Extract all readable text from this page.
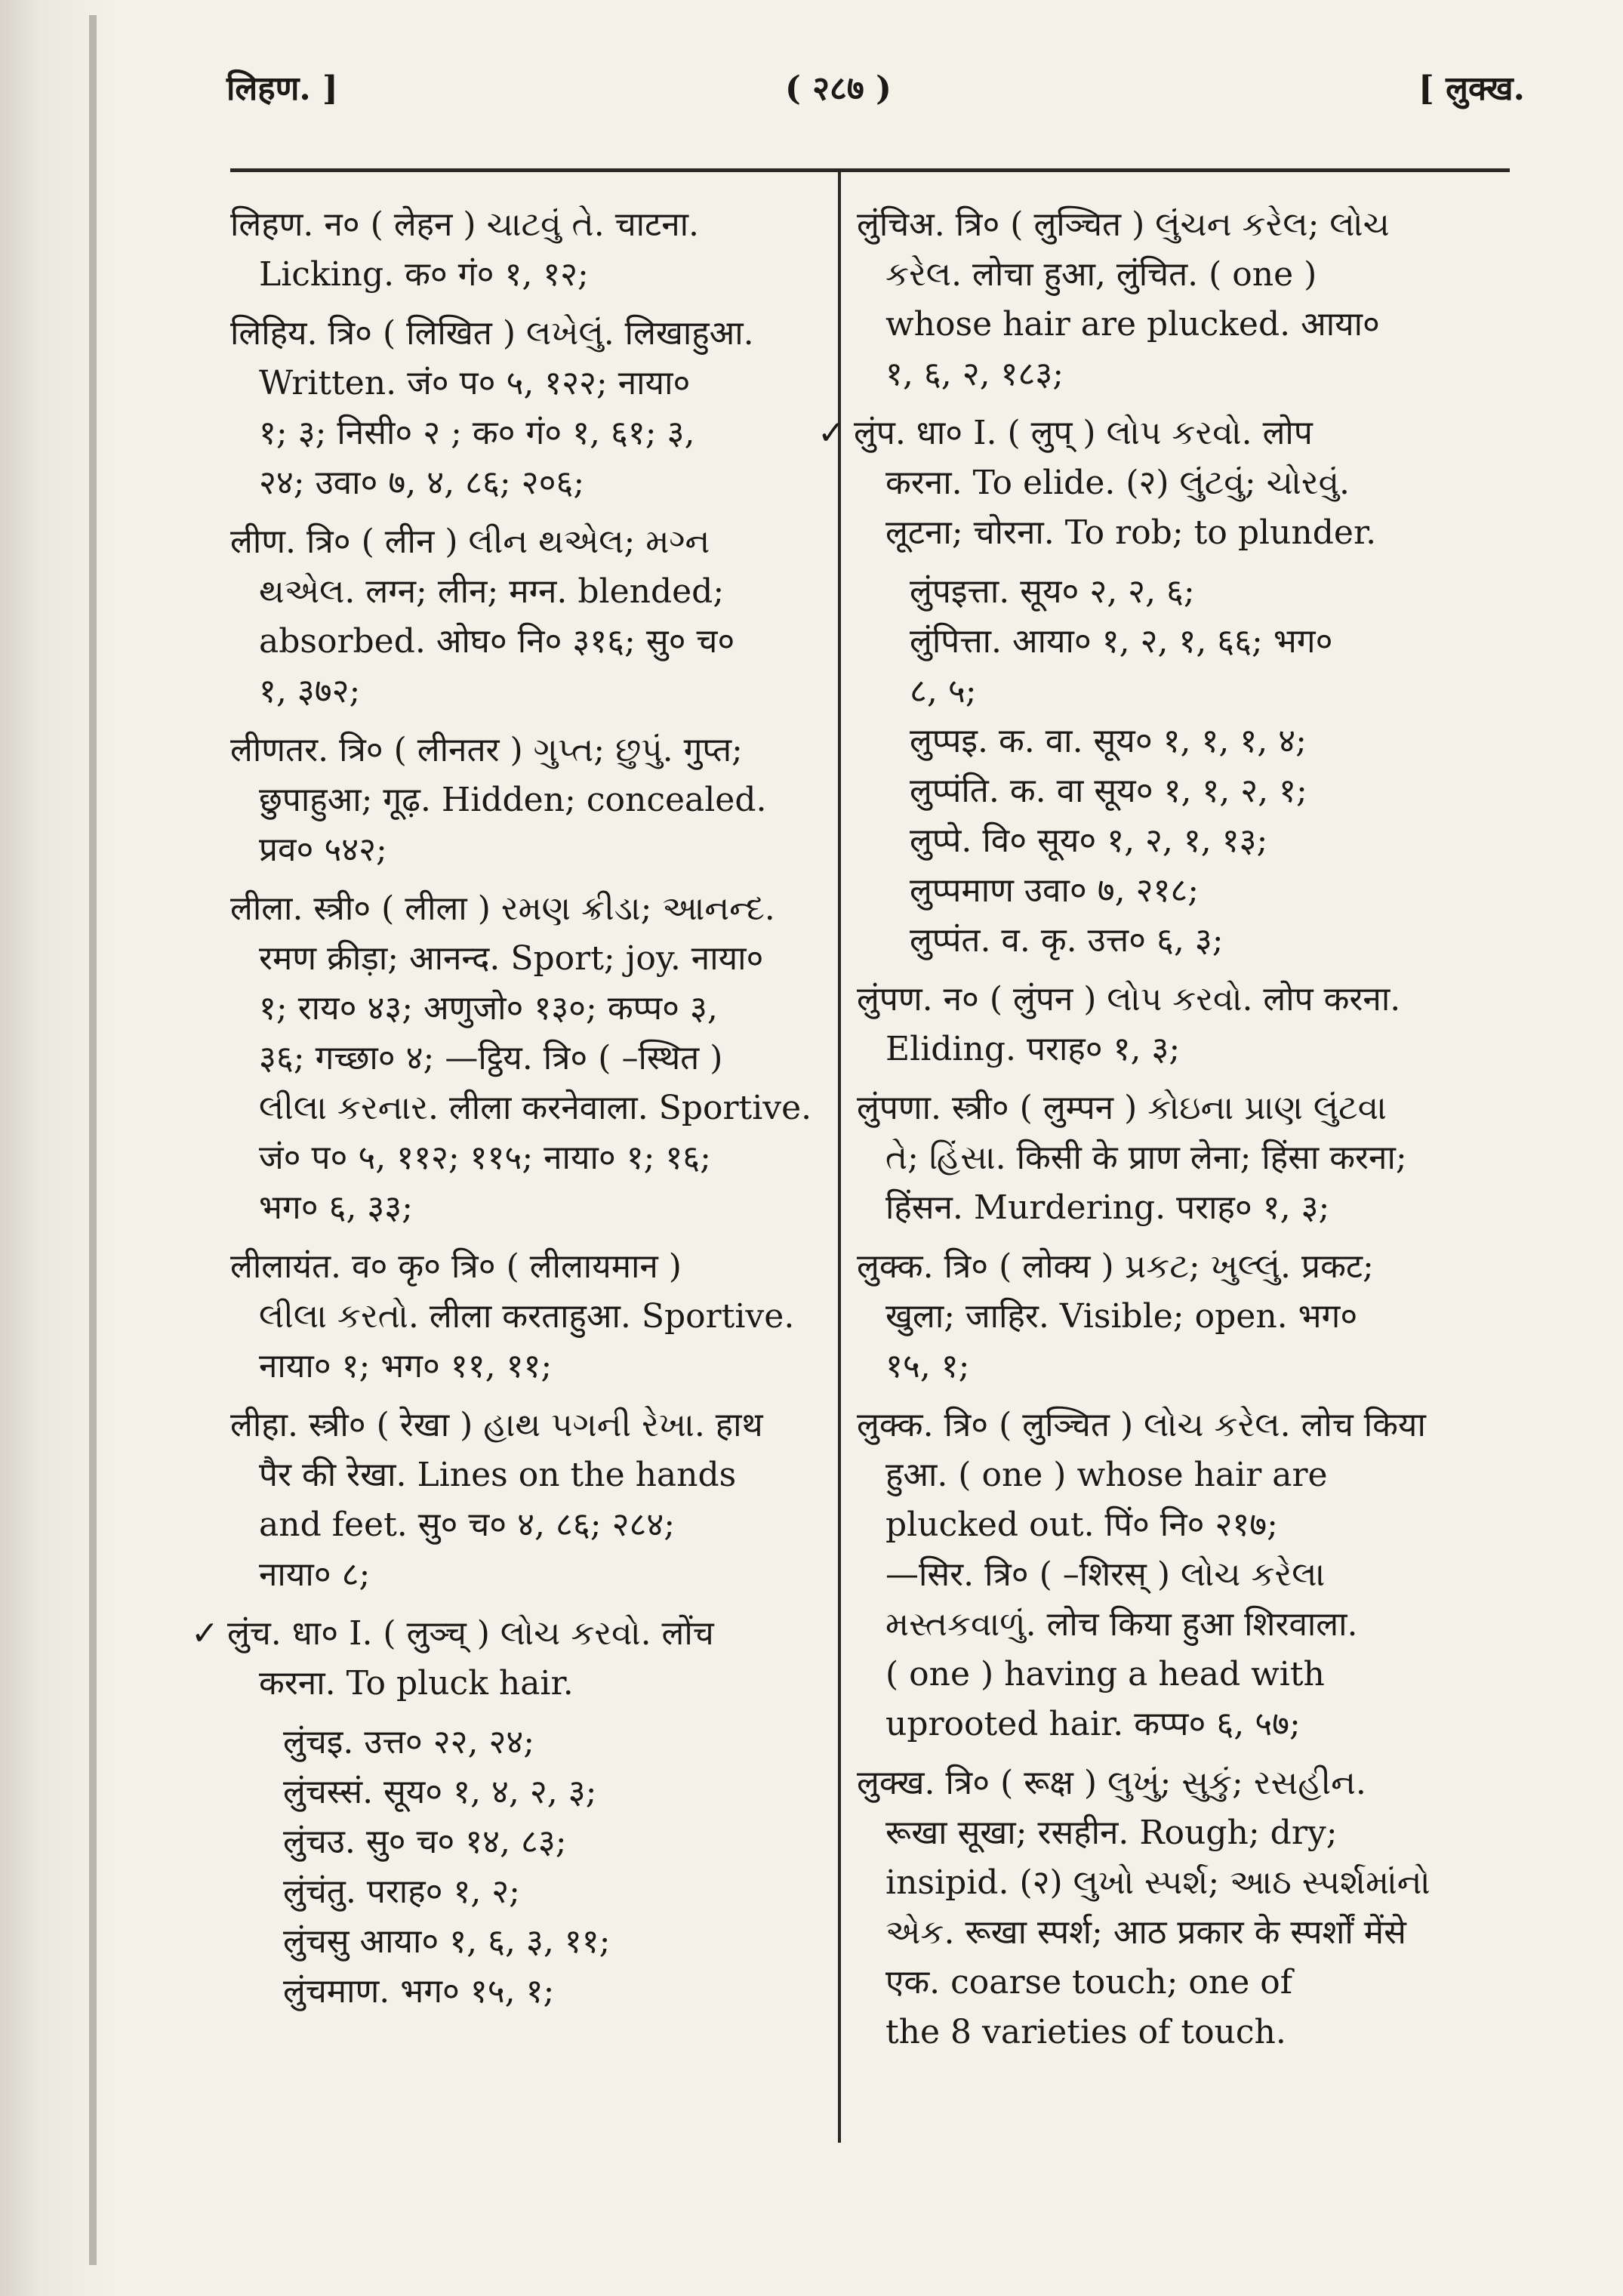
लिहण. ]	( २८७ )	[ लुक्ख.
लिहण. न० ( लेहन ) ચાટવું તે. चाटना.
Licking. क० गं० १, १२;
लिहिय. त्रि० ( लिखित ) લખેલું. लिखाहुआ.
Written. जं० प० ५, १२२; नाया०
१; ३; निसी० २ ; क० गं० १, ६१; ३,
२४; उवा० ७, ४, ८६; २०६;
लीण. त्रि० ( लीन ) લીન થએલ; મગ્ન
થએલ. लग्न; लीन; मग्न. blended;
absorbed. ओघ० नि० ३१६; सु० च०
१, ३७२;
लीणतर. त्रि० ( लीनतर ) ગુપ્ત; છુપું. गुप्त;
छुपाहुआ; गूढ़. Hidden; concealed.
प्रव० ५४२;
लीला. स्त्री० ( लीला ) રમણ ક્રીડા; આનન્દ.
रमण क्रीड़ा; आनन्द. Sport; joy. नाया०
१; राय० ४३; अणुजो० १३०; कप्प० ३,
३६; गच्छा० ४; —ट्ठिय. त्रि० ( –स्थित )
લીલા કરનાર. लीला करनेवाला. Sportive.
जं० प० ५, ११२; ११५; नाया० १; १६;
भग० ६, ३३;
लीलायंत. व० कृ० त्रि० ( लीलायमान )
લીલા કરતો. लीला करताहुआ. Sportive.
नाया० १; भग० ११, ११;
लीहा. स्त्री० ( रेखा ) હાથ પગની રેખા. हाथ
पैर की रेखा. Lines on the hands
and feet. सु० च० ४, ८६; २८४;
नाया० ८;
✓ लुंच. धा० I. ( लुञ्च् ) લોચ કરવો. लोंच
करना. To pluck hair.
लुंचइ. उत्त० २२, २४;
लुंचस्सं. सूय० १, ४, २, ३;
लुंचउ. सु० च० १४, ८३;
लुंचंतु. पराह० १, २;
लुंचसु आया० १, ६, ३, ११;
लुंचमाण. भग० १५, १;
लुंचिअ. त्रि० ( लुञ्चित ) લુંચન કરેલ; લોચ
કરેલ. लोचा हुआ, लुंचित. ( one )
whose hair are plucked. आया०
१, ६, २, १८३;
✓ लुंप. धा० I. ( लुप् ) લોપ કરવો. लोप
करना. To elide. (२) લુંટવું; ચોરવું.
लूटना; चोरना. To rob; to plunder.
लुंपइत्ता. सूय० २, २, ६;
लुंपित्ता. आया० १, २, १, ६६; भग०
८, ५;
लुप्पइ. क. वा. सूय० १, १, १, ४;
लुप्पंति. क. वा सूय० १, १, २, १;
लुप्पे. वि० सूय० १, २, १, १३;
लुप्पमाण उवा० ७, २१८;
लुप्पंत. व. कृ. उत्त० ६, ३;
लुंपण. न० ( लुंपन ) લોપ કરવો. लोप करना.
Eliding. पराह० १, ३;
लुंपणा. स्त्री० ( लुम्पन ) કોઇના પ્રાણ લુંટવા
તે; હિંસા. किसी के प्राण लेना; हिंसा करना;
हिंसन. Murdering. पराह० १, ३;
लुक्क. त्रि० ( लोक्य ) પ્રકટ; ખુલ્લું. प्रकट;
खुला; जाहिर. Visible; open. भग०
१५, १;
लुक्क. त्रि० ( लुञ्चित ) લોચ કરેલ. लोच किया
हुआ. ( one ) whose hair are
plucked out. पिं० नि० २१७;
—सिर. त्रि० ( –शिरस् ) લોચ કરેલા
મસ્તકવાળું. लोच किया हुआ शिरवाला.
( one ) having a head with
uprooted hair. कप्प० ६, ५७;
लुक्ख. त्रि० ( रूक्ष ) લુખું; સુકું; રસહીન.
रूखा सूखा; रसहीन. Rough; dry;
insipid. (२) લુખો સ્પર્શ; આઠ સ્પર્શમાંનો
એક. रूखा स्पर्श; आठ प्रकार के स्पर्शों मेंसे
एक. coarse touch; one of
the 8 varieties of touch.
